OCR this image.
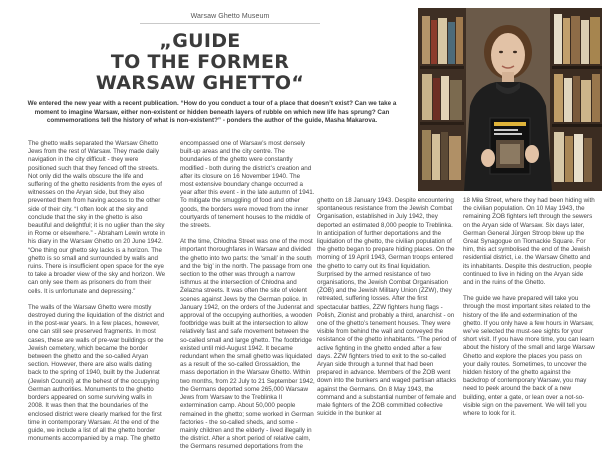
Warsaw Ghetto Museum
„GUIDE
TO THE FORMER
WARSAW GHETTO“

We entered the new year with a recent publication. “How do you conduct a tour of a place that doesn’t exist? Can we take a moment to imagine Warsaw, either non-existent or hidden beneath layers of rubble on which new life has sprung? Can commemorations tell the history of what is non-existent?” - ponders the author of the guide, Masha Makarova.

The ghetto walls separated the Warsaw Ghetto Jews from the rest of Warsaw. They made daily navigation in the city difficult - they were positioned such that they fenced off the streets. Not only did the walls obscure the life and suffering of the ghetto residents from the eyes of witnesses on the Aryan side, but they also prevented them from having access to the other side of their city. “I often look at the sky and conclude that the sky in the ghetto is also beautiful and delightful; it is no uglier than the sky in Rome or elsewhere.” - Abraham Lewin wrote in his diary in the Warsaw Ghetto on 20 June 1942. “One thing our ghetto sky lacks is a horizon. The ghetto is so small and surrounded by walls and ruins. There is insufficient open space for the eye to take a broader view of the sky and horizon. We can only see them as prisoners do from their cells. It is unfortunate and depressing.”

The walls of the Warsaw Ghetto were mostly destroyed during the liquidation of the district and in the post-war years. In a few places, however, one can still see preserved fragments. In most cases, these are walls of pre-war buildings or the Jewish cemetery, which became the border between the ghetto and the so-called Aryan section. However, there are also walls dating back to the spring of 1940, built by the Judenrat (Jewish Council) at the behest of the occupying German authorities. Monuments to the ghetto borders appeared on some surviving walls in 2008. It was then that the boundaries of the enclosed district were clearly marked for the first time in contemporary Warsaw. At the end of the guide, we include a list of all the ghetto border monuments accompanied by a map. The ghetto

encompassed one of Warsaw’s most densely built-up areas and the city centre. The boundaries of the ghetto were constantly modified - both during the district’s creation and after its closure on 16 November 1940. The most extensive boundary change occurred a year after this event - in the late autumn of 1941. To mitigate the smuggling of food and other goods, the borders were moved from the inner courtyards of tenement houses to the middle of the streets.

At the time, Chłodna Street was one of the most important thoroughfares in Warsaw and divided the ghetto into two parts: the ‘small’ in the south and the ‘big’ in the north. The passage from one section to the other was through a narrow isthmus at the intersection of Chłodna and Żelazna streets. It was often the site of violent scenes against Jews by the German police. In January 1942, on the orders of the Judenrat and approval of the occupying authorities, a wooden footbridge was built at the intersection to allow relatively fast and safe movement between the so-called small and large ghetto. The footbridge existed until mid-August 1942. It became redundant when the small ghetto was liquidated as a result of the so-called Grossaktion, the mass deportation in the Warsaw Ghetto. Within two months, from 22 July to 21 September 1942, the Germans deported some 265,000 Warsaw Jews from Warsaw to the Treblinka II extermination camp. About 50,000 people remained in the ghetto; some worked in German factories - the so-called sheds, and some - mainly children and the elderly - lived illegally in the district. After a short period of relative calm, the Germans resumed deportations from the

ghetto on 18 January 1943. Despite encountering spontaneous resistance from the Jewish Combat Organisation, established in July 1942, they deported an estimated 8,000 people to Treblinka. In anticipation of further deportations and the liquidation of the ghetto, the civilian population of the ghetto began to prepare hiding places. On the morning of 19 April 1943, German troops entered the ghetto to carry out its final liquidation. Surprised by the armed resistance of two organisations, the Jewish Combat Organisation (ŻOB) and the Jewish Military Union (ŻZW), they retreated, suffering losses. After the first spectacular battles, ŻZW fighters hung flags - Polish, Zionist and probably a third, anarchist - on one of the ghetto’s tenement houses. They were visible from behind the wall and conveyed the resistance of the ghetto inhabitants. “The period of active fighting in the ghetto ended after a few days. ŻZW fighters tried to exit to the so-called Aryan side through a tunnel that had been prepared in advance. Members of the ŻOB went down into the bunkers and waged partisan attacks against the Germans. On 8 May 1943, the command and a substantial number of female and male fighters of the ŻOB committed collective suicide in the bunker at

18 Miła Street, where they had been hiding with the civilian population. On 10 May 1943, the remaining ŻOB fighters left through the sewers on the Aryan side of Warsaw. Six days later, German General Jürgen Stroop blew up the Great Synagogue on Tłomackie Square. For him, this act symbolised the end of the Jewish residential district, i.e. the Warsaw Ghetto and its inhabitants. Despite this destruction, people continued to live in hiding on the Aryan side and in the ruins of the Ghetto.

The guide we have prepared will take you through the most important sites related to the history of the life and extermination of the ghetto. If you only have a few hours in Warsaw, we’ve selected the must-see sights for your short visit. If you have more time, you can learn about the history of the small and large Warsaw Ghetto and explore the places you pass on your daily routes. Sometimes, to uncover the hidden history of the ghetto against the backdrop of contemporary Warsaw, you may need to peek around the back of a new building, enter a gate, or lean over a not-so-visible sign on the pavement. We will tell you where to look for it.
